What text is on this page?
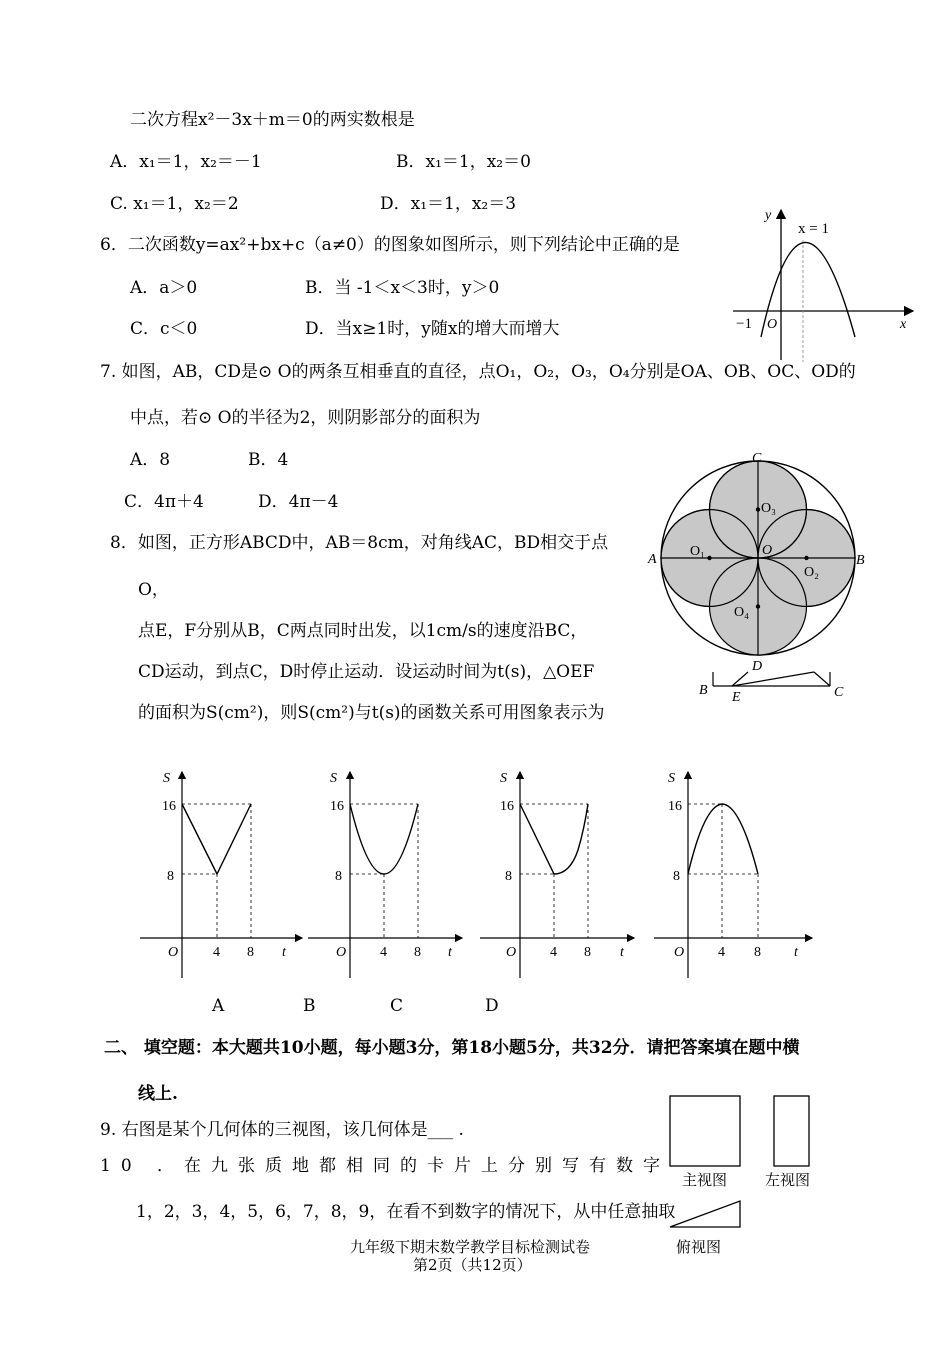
二次方程x²－3x＋m＝0的两实数根是
A．x₁＝1，x₂＝－1	B．x₁＝1，x₂＝0
C. x₁＝1，x₂＝2	D．x₁＝1，x₂＝3
6．二次函数y=ax²+bx+c（a≠0）的图象如图所示，则下列结论中正确的是
A．a＞0	B．当 -1＜x＜3时，y＞0
C．c＜0	D．当x≥1时，y随x的增大而增大
y
x
x = 1
−1 O
7. 如图，AB，CD是⊙ O的两条互相垂直的直径，点O₁，O₂，O₃，O₄分别是OA、OB、OC、OD的
中点，若⊙ O的半径为2，则阴影部分的面积为
A．8	B．4
C．4π＋4	D．4π－4
C
D
A	B
O
O₁
O₂
O₃
O₄
8．如图，正方形ABCD中，AB＝8cm，对角线AC，BD相交于点
O，
点E，F分别从B，C两点同时出发，以1cm/s的速度沿BC，
CD运动，到点C，D时停止运动．设运动时间为t(s)，△OEF
的面积为S(cm²)，则S(cm²)与t(s)的函数关系可用图象表示为
B E	C
S
16
8
O 4 8 t
S
16
8
O 4 8 t
S
16
8
O 4 8 t
S
16
8
O 4 8 t
A	B	C	D
二、 填空题：本大题共10小题，每小题3分，第18小题5分，共32分．请把答案填在题中横
线上.
9. 右图是某个几何体的三视图，该几何体是___ .
10 ．在九张质地都相同的卡片上分别写有数字
1，2，3，4，5，6，7，8，9，在看不到数字的情况下，从中任意抽取
主视图	左视图
俯视图
九年级下期末数学教学目标检测试卷
第2页（共12页）
